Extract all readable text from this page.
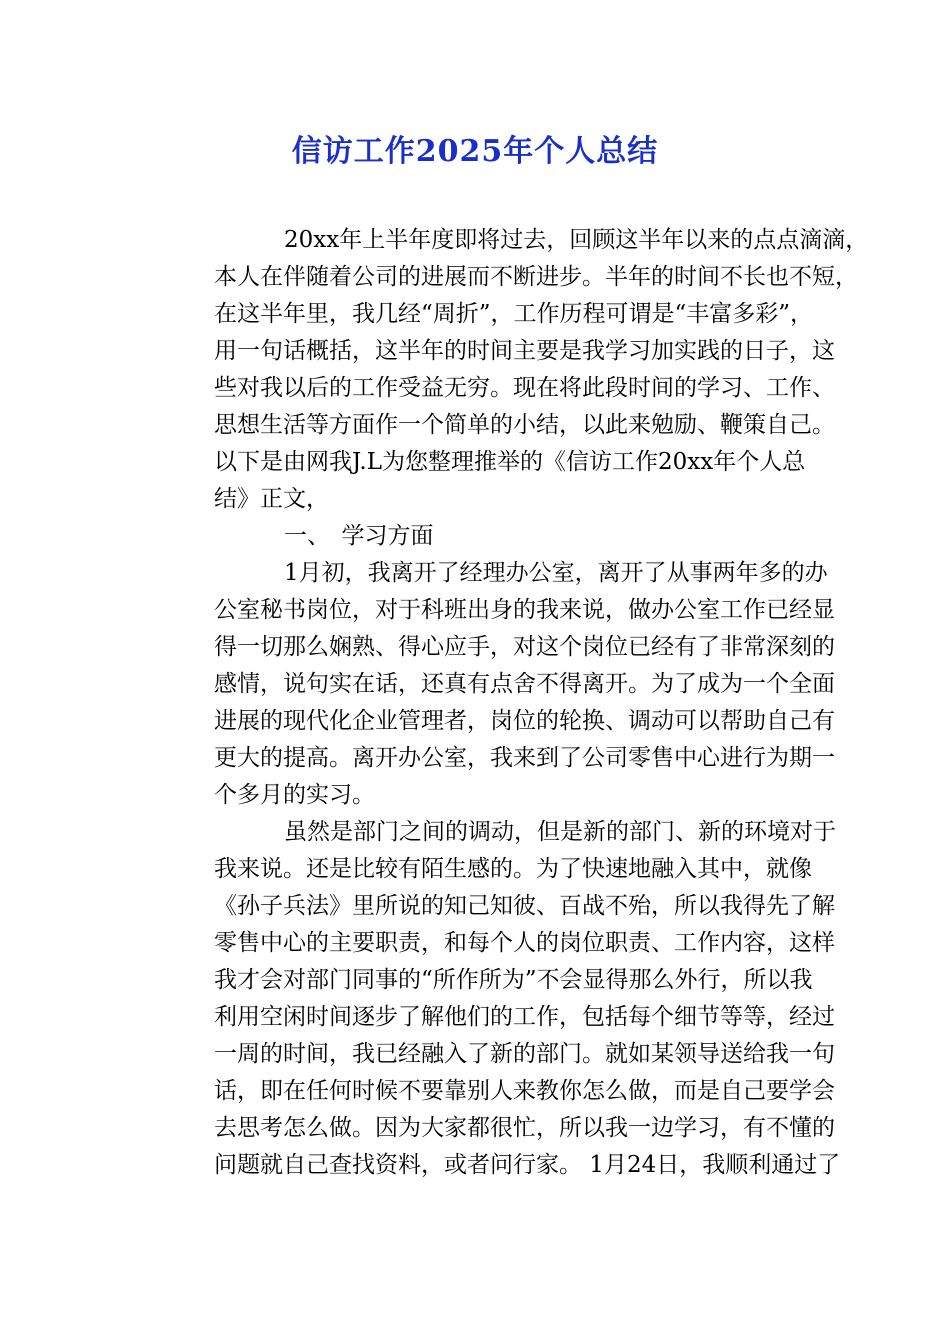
信访工作2025年个人总结
20xx年上半年度即将过去，回顾这半年以来的点点滴滴，
本人在伴随着公司的进展而不断进步。半年的时间不长也不短，
在这半年里，我几经“周折”，工作历程可谓是“丰富多彩”，
用一句话概括，这半年的时间主要是我学习加实践的日子，这
些对我以后的工作受益无穷。现在将此段时间的学习、工作、
思想生活等方面作一个简单的小结，以此来勉励、鞭策自己。
以下是由网我J.L为您整理推举的《信访工作20xx年个人总
结》正文，
一、　学习方面
1月初，我离开了经理办公室，离开了从事两年多的办
公室秘书岗位，对于科班出身的我来说，做办公室工作已经显
得一切那么娴熟、得心应手，对这个岗位已经有了非常深刻的
感情，说句实在话，还真有点舍不得离开。为了成为一个全面
进展的现代化企业管理者，岗位的轮换、调动可以帮助自己有
更大的提高。离开办公室，我来到了公司零售中心进行为期一
个多月的实习。
虽然是部门之间的调动，但是新的部门、新的环境对于
我来说。还是比较有陌生感的。为了快速地融入其中，就像
《孙子兵法》里所说的知己知彼、百战不殆，所以我得先了解
零售中心的主要职责，和每个人的岗位职责、工作内容，这样
我才会对部门同事的“所作所为”不会显得那么外行，所以我
利用空闲时间逐步了解他们的工作，包括每个细节等等，经过
一周的时间，我已经融入了新的部门。就如某领导送给我一句
话，即在任何时候不要靠别人来教你怎么做，而是自己要学会
去思考怎么做。因为大家都很忙，所以我一边学习，有不懂的
问题就自己查找资料，或者问行家。 1月24日，我顺利通过了
